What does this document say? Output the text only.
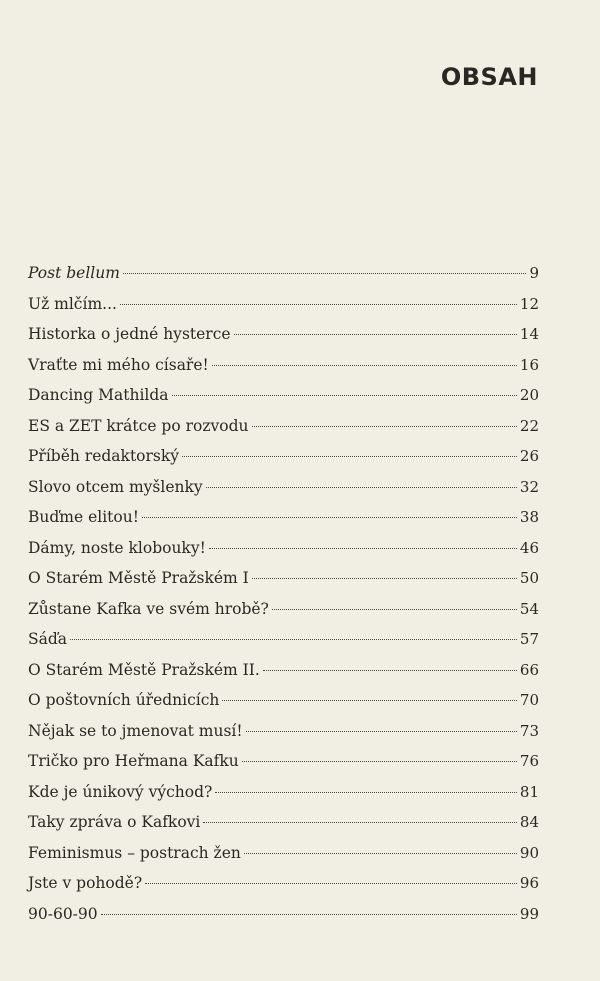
OBSAH
Post bellum	9
Už mlčím...	12
Historka o jedné hysterce	14
Vraťte mi mého císaře!	16
Dancing Mathilda	20
ES a ZET krátce po rozvodu	22
Příběh redaktorský	26
Slovo otcem myšlenky	32
Buďme elitou!	38
Dámy, noste klobouky!	46
O Starém Městě Pražském I	50
Zůstane Kafka ve svém hrobě?	54
Sáďa	57
O Starém Městě Pražském II.	66
O poštovních úřednicích	70
Nějak se to jmenovat musí!	73
Tričko pro Heřmana Kafku	76
Kde je únikový východ?	81
Taky zpráva o Kafkovi	84
Feminismus – postrach žen	90
Jste v pohodě?	96
90-60-90	99
